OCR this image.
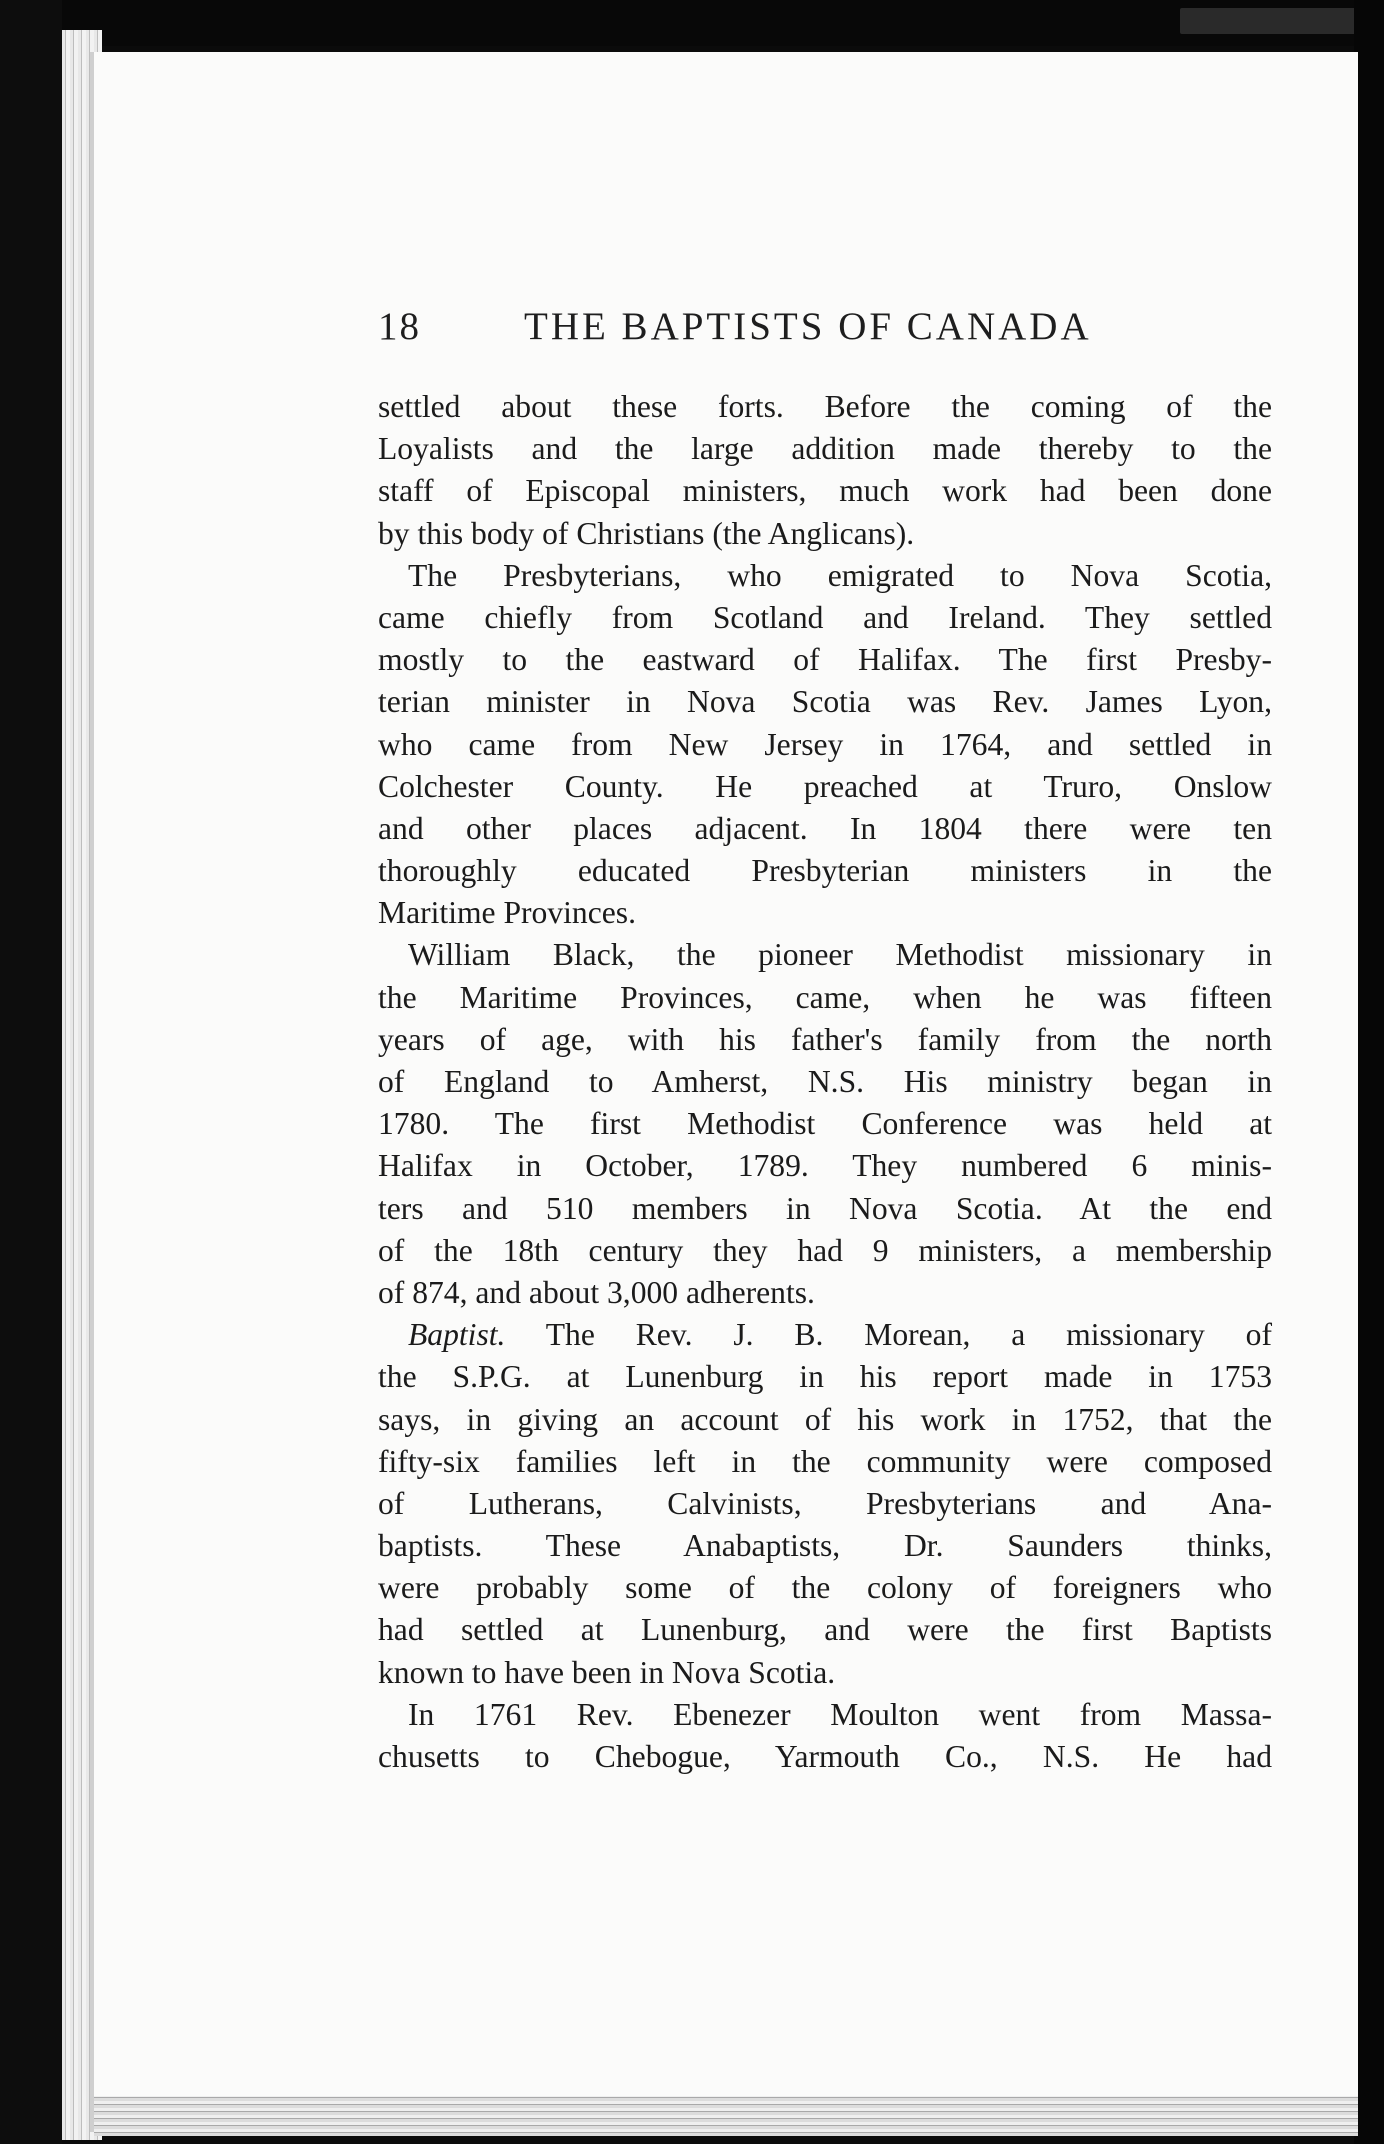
18	THE BAPTISTS OF CANADA
settled about these forts. Before the coming of the
Loyalists and the large addition made thereby to the
staff of Episcopal ministers, much work had been done
by this body of Christians (the Anglicans).
The Presbyterians, who emigrated to Nova Scotia,
came chiefly from Scotland and Ireland. They settled
mostly to the eastward of Halifax. The first Presby-
terian minister in Nova Scotia was Rev. James Lyon,
who came from New Jersey in 1764, and settled in
Colchester County. He preached at Truro, Onslow
and other places adjacent. In 1804 there were ten
thoroughly educated Presbyterian ministers in the
Maritime Provinces.
William Black, the pioneer Methodist missionary in
the Maritime Provinces, came, when he was fifteen
years of age, with his father's family from the north
of England to Amherst, N.S. His ministry began in
1780. The first Methodist Conference was held at
Halifax in October, 1789. They numbered 6 minis-
ters and 510 members in Nova Scotia. At the end
of the 18th century they had 9 ministers, a membership
of 874, and about 3,000 adherents.
Baptist. The Rev. J. B. Morean, a missionary of
the S.P.G. at Lunenburg in his report made in 1753
says, in giving an account of his work in 1752, that the
fifty-six families left in the community were composed
of Lutherans, Calvinists, Presbyterians and Ana-
baptists. These Anabaptists, Dr. Saunders thinks,
were probably some of the colony of foreigners who
had settled at Lunenburg, and were the first Baptists
known to have been in Nova Scotia.
In 1761 Rev. Ebenezer Moulton went from Massa-
chusetts to Chebogue, Yarmouth Co., N.S. He had
